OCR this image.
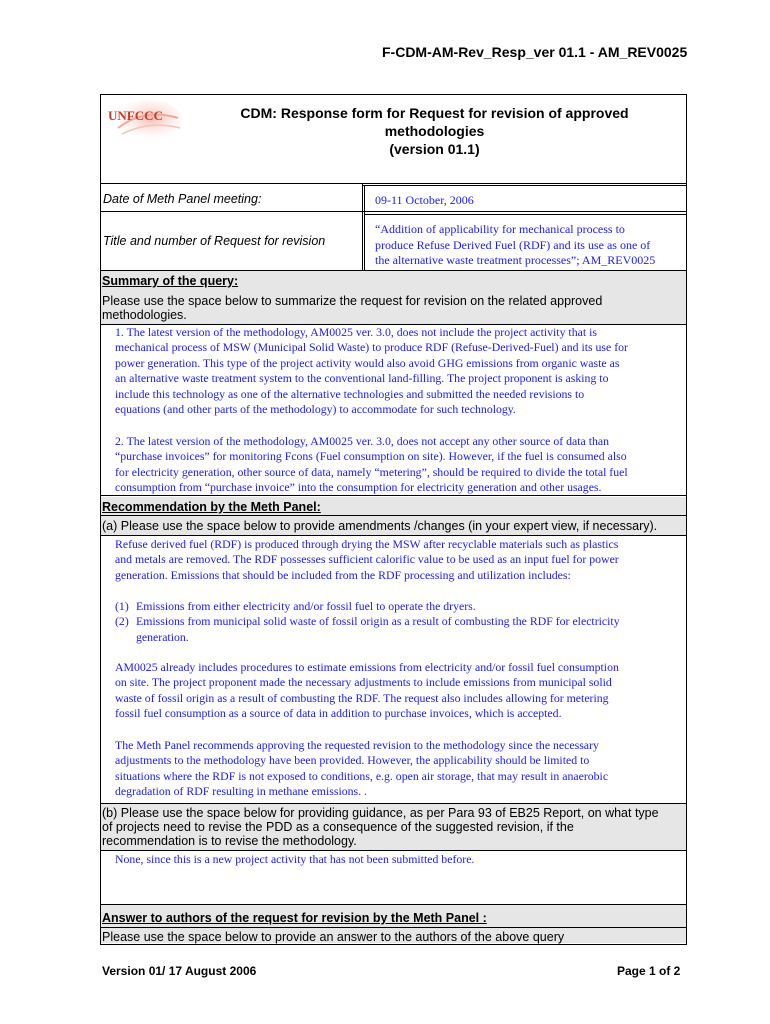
F-CDM-AM-Rev_Resp_ver 01.1 - AM_REV0025
UNFCCC	CDM: Response form for Request for revision of approved
methodologies
(version 01.1)
Date of Meth Panel meeting:	09-11 October, 2006
Title and number of Request for revision
“Addition of applicability for mechanical process to
produce Refuse Derived Fuel (RDF) and its use as one of
the alternative waste treatment processes”; AM_REV0025
Summary of the query:
Please use the space below to summarize the request for revision on the related approved
methodologies.
1. The latest version of the methodology, AM0025 ver. 3.0, does not include the project activity that is
mechanical process of MSW (Municipal Solid Waste) to produce RDF (Refuse-Derived-Fuel) and its use for
power generation. This type of the project activity would also avoid GHG emissions from organic waste as
an alternative waste treatment system to the conventional land-filling. The project proponent is asking to
include this technology as one of the alternative technologies and submitted the needed revisions to
equations (and other parts of the methodology) to accommodate for such technology.
2. The latest version of the methodology, AM0025 ver. 3.0, does not accept any other source of data than
“purchase invoices” for monitoring Fcons (Fuel consumption on site). However, if the fuel is consumed also
for electricity generation, other source of data, namely “metering”, should be required to divide the total fuel
consumption from “purchase invoice” into the consumption for electricity generation and other usages.
Recommendation by the Meth Panel:
(a) Please use the space below to provide amendments /changes (in your expert view, if necessary).
Refuse derived fuel (RDF) is produced through drying the MSW after recyclable materials such as plastics
and metals are removed. The RDF possesses sufficient calorific value to be used as an input fuel for power
generation. Emissions that should be included from the RDF processing and utilization includes:
(1) Emissions from either electricity and/or fossil fuel to operate the dryers.
(2) Emissions from municipal solid waste of fossil origin as a result of combusting the RDF for electricity
generation.
AM0025 already includes procedures to estimate emissions from electricity and/or fossil fuel consumption
on site. The project proponent made the necessary adjustments to include emissions from municipal solid
waste of fossil origin as a result of combusting the RDF. The request also includes allowing for metering
fossil fuel consumption as a source of data in addition to purchase invoices, which is accepted.
The Meth Panel recommends approving the requested revision to the methodology since the necessary
adjustments to the methodology have been provided. However, the applicability should be limited to
situations where the RDF is not exposed to conditions, e.g. open air storage, that may result in anaerobic
degradation of RDF resulting in methane emissions. .
(b) Please use the space below for providing guidance, as per Para 93 of EB25 Report, on what type
of projects need to revise the PDD as a consequence of the suggested revision, if the
recommendation is to revise the methodology.
None, since this is a new project activity that has not been submitted before.
Answer to authors of the request for revision by the Meth Panel :
Please use the space below to provide an answer to the authors of the above query
Version 01/ 17 August 2006	Page 1 of 2
